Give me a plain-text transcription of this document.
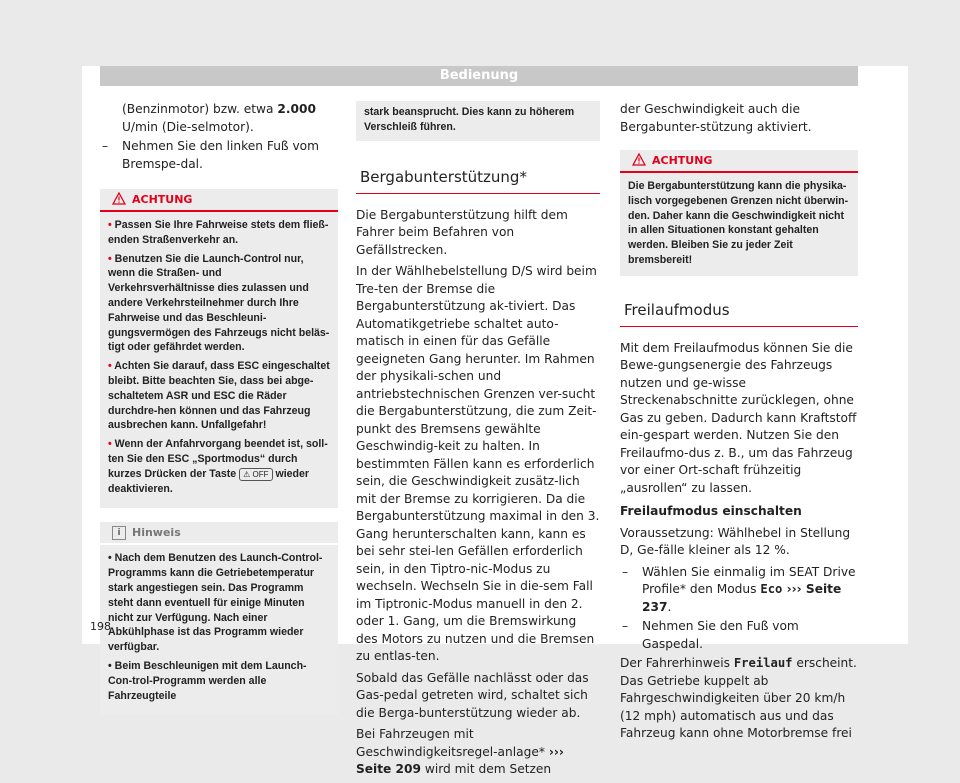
Bedienung

(Benzinmotor) bzw. etwa 2.000 U/min (Die-selmotor).

– Nehmen Sie den linken Fuß vom Bremspe-dal.
ACHTUNG

• Passen Sie Ihre Fahrweise stets dem fließ-enden Straßenverkehr an.

• Benutzen Sie die Launch-Control nur, wenn die Straßen- und Verkehrsverhältnisse dies zulassen und andere Verkehrsteilnehmer durch Ihre Fahrweise und das Beschleuni-gungsvermögen des Fahrzeugs nicht beläs-tigt oder gefährdet werden.

• Achten Sie darauf, dass ESC eingeschaltet bleibt. Bitte beachten Sie, dass bei abge-schaltetem ASR und ESC die Räder durchdre-hen können und das Fahrzeug ausbrechen kann. Unfallgefahr!

• Wenn der Anfahrvorgang beendet ist, soll-ten Sie den ESC „Sportmodus“ durch kurzes Drücken der Taste ⚠ OFF wieder deaktivieren.

i	Hinweis

• Nach dem Benutzen des Launch-Control-Programms kann die Getriebetemperatur stark angestiegen sein. Das Programm steht dann eventuell für einige Minuten nicht zur Verfügung. Nach einer Abkühlphase ist das Programm wieder verfügbar.

• Beim Beschleunigen mit dem Launch-Con-trol-Programm werden alle Fahrzeugteile

stark beansprucht. Dies kann zu höherem Verschleiß führen.
Bergabunterstützung*

Die Bergabunterstützung hilft dem Fahrer beim Befahren von Gefällstrecken.

In der Wählhebelstellung D/S wird beim Tre-ten der Bremse die Bergabunterstützung ak-tiviert. Das Automatikgetriebe schaltet auto-matisch in einen für das Gefälle geeigneten Gang herunter. Im Rahmen der physikali-schen und antriebstechnischen Grenzen ver-sucht die Bergabunterstützung, die zum Zeit-punkt des Bremsens gewählte Geschwindig-keit zu halten. In bestimmten Fällen kann es erforderlich sein, die Geschwindigkeit zusätz-lich mit der Bremse zu korrigieren. Da die Bergabunterstützung maximal in den 3. Gang herunterschalten kann, kann es bei sehr stei-len Gefällen erforderlich sein, in den Tiptro-nic-Modus zu wechseln. Wechseln Sie in die-sem Fall im Tiptronic-Modus manuell in den 2. oder 1. Gang, um die Bremswirkung des Motors zu nutzen und die Bremsen zu entlas-ten.

Sobald das Gefälle nachlässt oder das Gas-pedal getreten wird, schaltet sich die Berga-bunterstützung wieder ab.

Bei Fahrzeugen mit Geschwindigkeitsregel-anlage* ››› Seite 209 wird mit dem Setzen

der Geschwindigkeit auch die Bergabunter-stützung aktiviert.

ACHTUNG
Die Bergabunterstützung kann die physika-lisch vorgegebenen Grenzen nicht überwin-den. Daher kann die Geschwindigkeit nicht in allen Situationen konstant gehalten werden. Bleiben Sie zu jeder Zeit bremsbereit!
Freilaufmodus

Mit dem Freilaufmodus können Sie die Bewe-gungsenergie des Fahrzeugs nutzen und ge-wisse Streckenabschnitte zurücklegen, ohne Gas zu geben. Dadurch kann Kraftstoff ein-gespart werden. Nutzen Sie den Freilaufmo-dus z. B., um das Fahrzeug vor einer Ort-schaft frühzeitig „ausrollen“ zu lassen.

Freilaufmodus einschalten

Voraussetzung: Wählhebel in Stellung D, Ge-fälle kleiner als 12 %.

– Wählen Sie einmalig im SEAT Drive Profile* den Modus Eco ››› Seite 237.
– Nehmen Sie den Fuß vom Gaspedal.

Der Fahrerhinweis Freilauf erscheint. Das Getriebe kuppelt ab Fahrgeschwindigkeiten über 20 km/h (12 mph) automatisch aus und das Fahrzeug kann ohne Motorbremse frei

198
